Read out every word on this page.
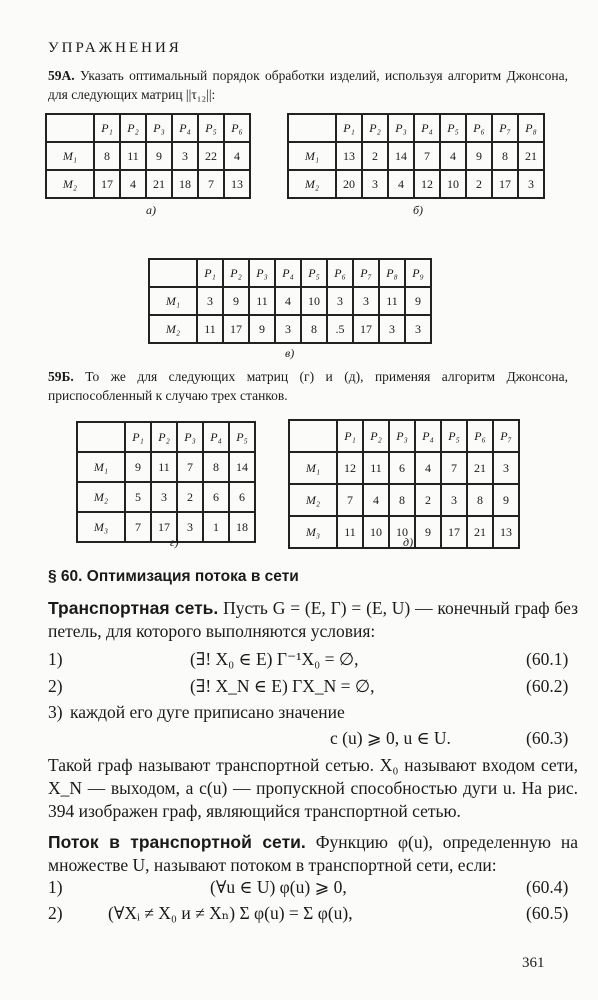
УПРАЖНЕНИЯ
59А. Указать оптимальный порядок обработки изделий, используя алгоритм Джонсона, для следующих матриц ||τ₁₂||:
	P₁	P₂	P₃	P₄	P₅	P₆
M₁	8	11	9	3	22	4
M₂	17	4	21	18	7	13
а)
	P₁	P₂	P₃	P₄	P₅	P₆	P₇	P₈
M₁	13	2	14	7	4	9	8	21
M₂	20	3	4	12	10	2	17	3
б)
	P₁	P₂	P₃	P₄	P₅	P₆	P₇	P₈	P₉
M₁	3	9	11	4	10	3	3	11	9
M₂	11	17	9	3	8	.5	17	3	3
в)
59Б. То же для следующих матриц (г) и (д), применяя алгоритм Джонсона, приспособленный к случаю трех станков.
	P₁	P₂	P₃	P₄	P₅
M₁	9	11	7	8	14
M₂	5	3	2	6	6
M₃	7	17	3	1	18
г)
	P₁	P₂	P₃	P₄	P₅	P₆	P₇
M₁	12	11	6	4	7	21	3
M₂	7	4	8	2	3	8	9
M₃	11	10	10	9	17	21	13
д)
§ 60. Оптимизация потока в сети
Транспортная сеть. Пусть G = (E, Γ) = (E, U) — конечный граф без петель, для которого выполняются условия:
1)	(∃! X₀ ∈ E) Γ⁻¹X₀ = ∅,	(60.1)
2)	(∃! X_N ∈ E) ΓX_N = ∅,	(60.2)
3) каждой его дуге приписано значение
c (u) ⩾ 0, u ∈ U.	(60.3)
Такой граф называют транспортной сетью. X₀ называют входом сети, X_N — выходом, а c(u) — пропускной способностью дуги u. На рис. 394 изображен граф, являющийся транспортной сетью.
Поток в транспортной сети. Функцию φ(u), определенную на множестве U, называют потоком в транспортной сети, если:
1)	(∀u ∈ U) φ(u) ⩾ 0,	(60.4)
2)	(∀Xᵢ ≠ X₀ и ≠ Xₙ) Σ φ(u) = Σ φ(u),	(60.5)
361
